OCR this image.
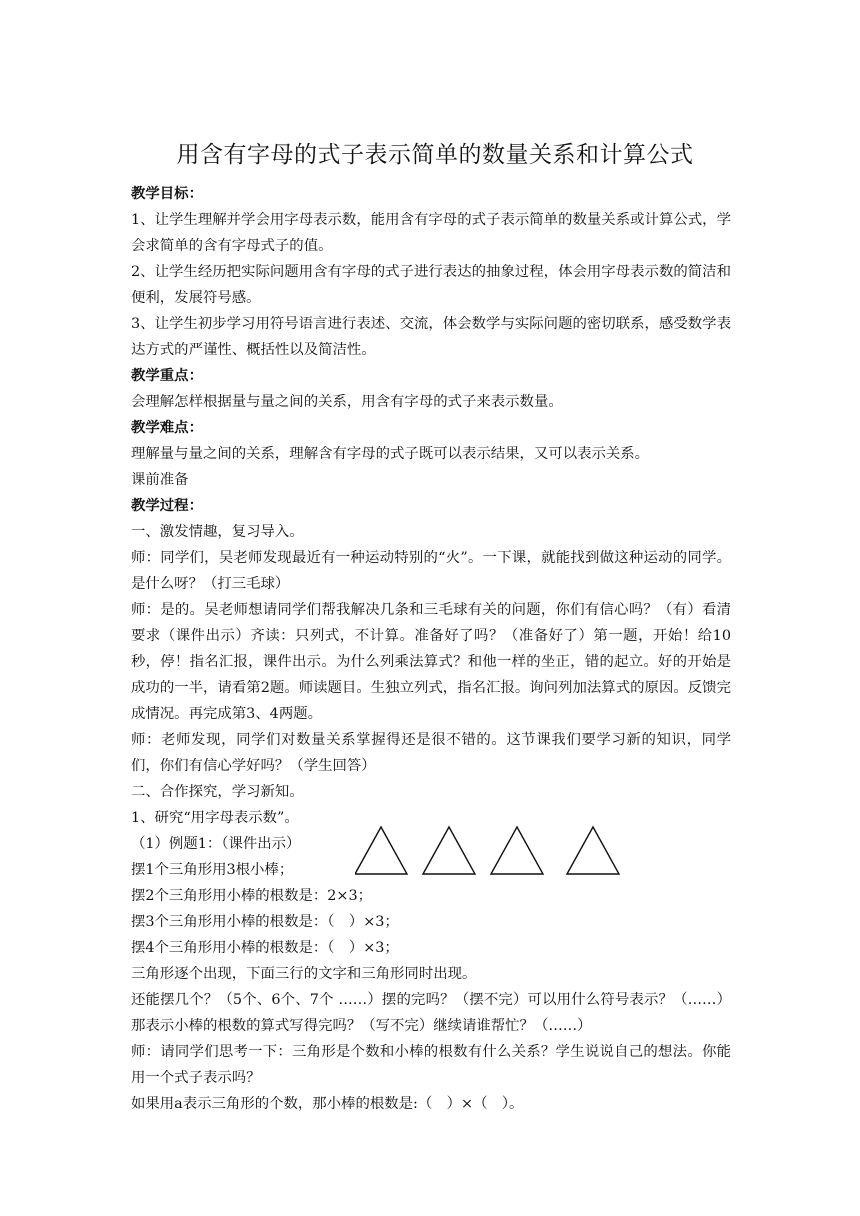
用含有字母的式子表示简单的数量关系和计算公式

教学目标：

1、让学生理解并学会用字母表示数，能用含有字母的式子表示简单的数量关系或计算公式，学会求简单的含有字母式子的值。

2、让学生经历把实际问题用含有字母的式子进行表达的抽象过程，体会用字母表示数的简洁和便利，发展符号感。

3、让学生初步学习用符号语言进行表述、交流，体会数学与实际问题的密切联系，感受数学表达方式的严谨性、概括性以及简洁性。

教学重点：

会理解怎样根据量与量之间的关系，用含有字母的式子来表示数量。

教学难点：

理解量与量之间的关系，理解含有字母的式子既可以表示结果，又可以表示关系。

课前准备

教学过程：

一、激发情趣，复习导入。

师：同学们，吴老师发现最近有一种运动特别的“火”。一下课，就能找到做这种运动的同学。是什么呀？（打三毛球）

师：是的。吴老师想请同学们帮我解决几条和三毛球有关的问题，你们有信心吗？（有）看清要求（课件出示）齐读：只列式，不计算。准备好了吗？（准备好了）第一题，开始！给10秒，停！指名汇报，课件出示。为什么列乘法算式？和他一样的坐正，错的起立。好的开始是成功的一半，请看第2题。师读题目。生独立列式，指名汇报。询问列加法算式的原因。反馈完成情况。再完成第3、4两题。

师：老师发现，同学们对数量关系掌握得还是很不错的。这节课我们要学习新的知识，同学们，你们有信心学好吗？（学生回答）

二、合作探究，学习新知。

1、研究“用字母表示数”。

（1）例题1：（课件出示）

摆1个三角形用3根小棒；

摆2个三角形用小棒的根数是：2×3；

摆3个三角形用小棒的根数是：（　）×3；

摆4个三角形用小棒的根数是：（　）×3；

三角形逐个出现，下面三行的文字和三角形同时出现。

还能摆几个？（5个、6个、7个 ……）摆的完吗？（摆不完）可以用什么符号表示？（……）那表示小棒的根数的算式写得完吗？（写不完）继续请谁帮忙？（……）

师：请同学们思考一下：三角形是个数和小棒的根数有什么关系？学生说说自己的想法。你能用一个式子表示吗？

如果用a表示三角形的个数，那小棒的根数是:（　）×（　）。
